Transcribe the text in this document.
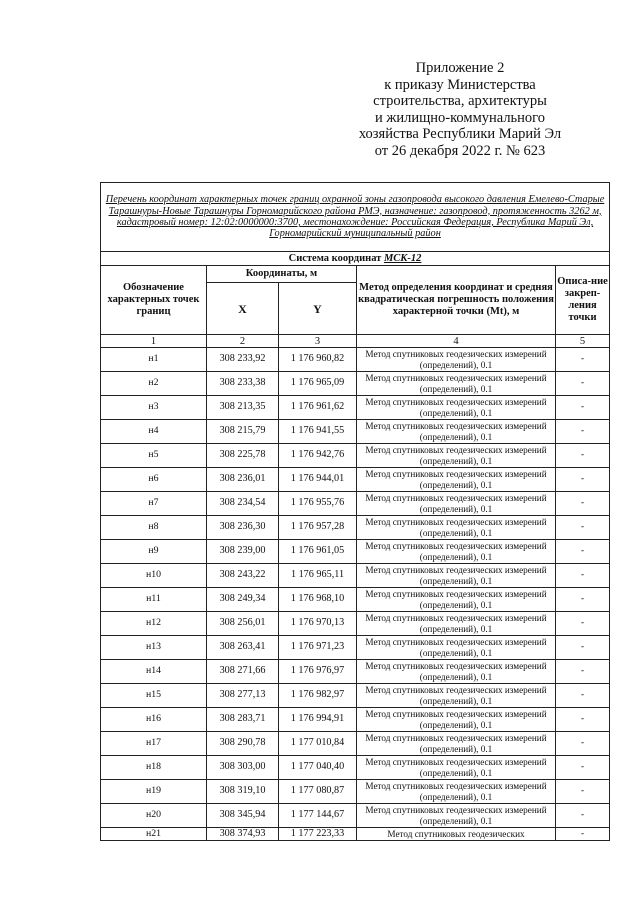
Приложение 2
к приказу Министерства
строительства, архитектуры
и жилищно-коммунального
хозяйства Республики Марий Эл
от 26 декабря 2022 г. № 623
Перечень координат характерных точек границ охранной зоны газопровода высокого давления Емелево-Старые Тарашнуры-Новые Тарашнуры Горномарийского района РМЭ, назначение: газопровод, протяженность 3262 м, кадастровый номер: 12:02:0000000:3700, местонахождение: Российская Федерация, Республика Марий Эл, Горномарийский муниципальный район				
Система координат МСК-12				
Обозначение характерных точек границ	Координаты, м		Метод определения координат и средняя квадратическая погрешность положения характерной точки (Mt), м	Описа-ние закреп-ления точки
	X	Y		
1	2	3	4	5
н1	308 233,92	1 176 960,82	Метод спутниковых геодезических измерений (определений), 0.1	-
н2	308 233,38	1 176 965,09	Метод спутниковых геодезических измерений (определений), 0.1	-
н3	308 213,35	1 176 961,62	Метод спутниковых геодезических измерений (определений), 0.1	-
н4	308 215,79	1 176 941,55	Метод спутниковых геодезических измерений (определений), 0.1	-
н5	308 225,78	1 176 942,76	Метод спутниковых геодезических измерений (определений), 0.1	-
н6	308 236,01	1 176 944,01	Метод спутниковых геодезических измерений (определений), 0.1	-
н7	308 234,54	1 176 955,76	Метод спутниковых геодезических измерений (определений), 0.1	-
н8	308 236,30	1 176 957,28	Метод спутниковых геодезических измерений (определений), 0.1	-
н9	308 239,00	1 176 961,05	Метод спутниковых геодезических измерений (определений), 0.1	-
н10	308 243,22	1 176 965,11	Метод спутниковых геодезических измерений (определений), 0.1	-
н11	308 249,34	1 176 968,10	Метод спутниковых геодезических измерений (определений), 0.1	-
н12	308 256,01	1 176 970,13	Метод спутниковых геодезических измерений (определений), 0.1	-
н13	308 263,41	1 176 971,23	Метод спутниковых геодезических измерений (определений), 0.1	-
н14	308 271,66	1 176 976,97	Метод спутниковых геодезических измерений (определений), 0.1	-
н15	308 277,13	1 176 982,97	Метод спутниковых геодезических измерений (определений), 0.1	-
н16	308 283,71	1 176 994,91	Метод спутниковых геодезических измерений (определений), 0.1	-
н17	308 290,78	1 177 010,84	Метод спутниковых геодезических измерений (определений), 0.1	-
н18	308 303,00	1 177 040,40	Метод спутниковых геодезических измерений (определений), 0.1	-
н19	308 319,10	1 177 080,87	Метод спутниковых геодезических измерений (определений), 0.1	-
н20	308 345,94	1 177 144,67	Метод спутниковых геодезических измерений (определений), 0.1	-
н21	308 374,93	1 177 223,33	Метод спутниковых геодезических	-
